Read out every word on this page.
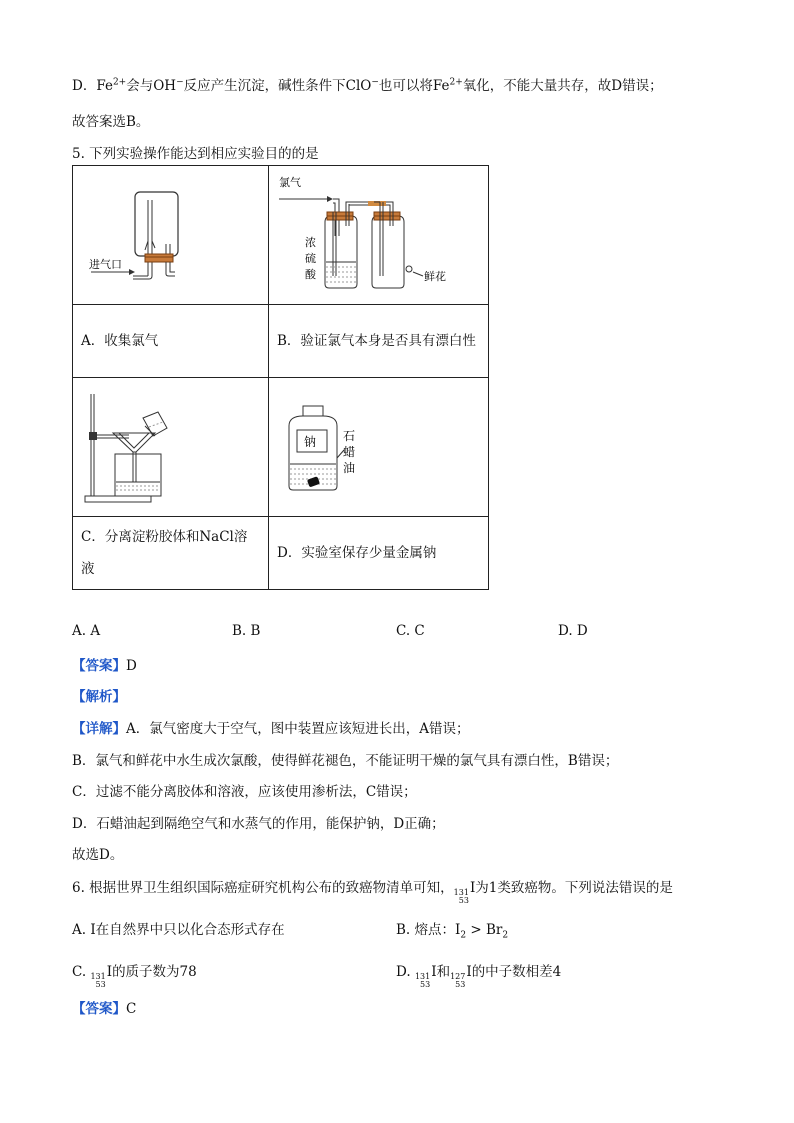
D．$Fe^{2+}$会与OH−反应产生沉淀，碱性条件下ClO−也可以将$Fe^{2+}$氧化，不能大量共存，故D错误；
故答案选B。
5. 下列实验操作能达到相应实验目的的是
进气口	氯气
浓
硫
酸 鲜花

A．收集氯气	B．验证氯气本身是否具有漂白性

钠 石
蜡
油

C．分离淀粉胶体和NaCl溶液	D．实验室保存少量金属钠
A. A	B. B	C. C	D. D
【答案】D
【解析】
【详解】A．氯气密度大于空气，图中装置应该短进长出，A错误；
B．氯气和鲜花中水生成次氯酸，使得鲜花褪色，不能证明干燥的氯气具有漂白性，B错误；
C．过滤不能分离胶体和溶液，应该使用渗析法，C错误；
D．石蜡油起到隔绝空气和水蒸气的作用，能保护钠，D正确；
故选D。
6. 根据世界卫生组织国际癌症研究机构公布的致癌物清单可知， 131
53
I为1类致癌物。下列说法错误的是
A. I在自然界中只以化合态形式存在	B. 熔点：$I_2 > Br_2$
C. 131
53
I的质子数为78	D. 131
53
I和 127
53
I的中子数相差4
【答案】C
